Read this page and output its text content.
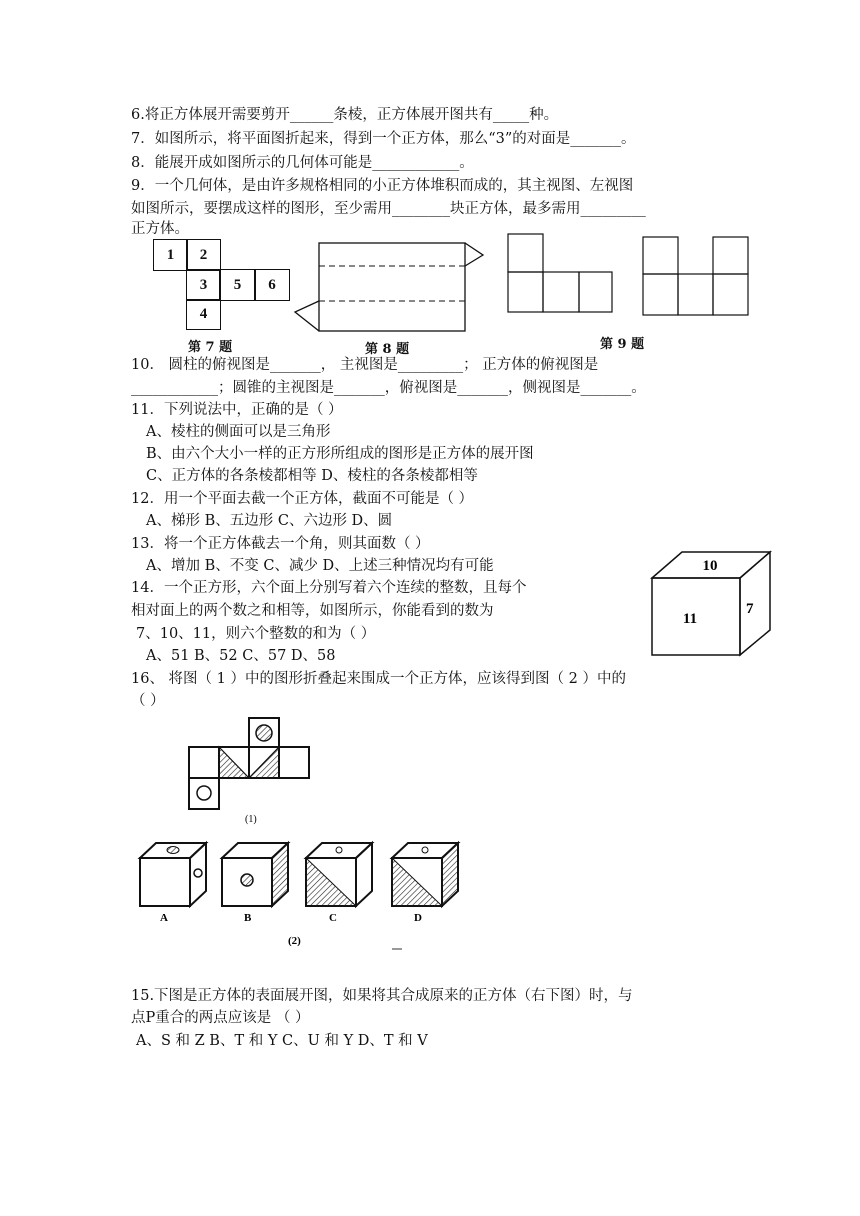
6.将正方体展开需要剪开______条棱，正方体展开图共有_____种。
7．如图所示，将平面图折起来，得到一个正方体，那么“3”的对面是_______。
8．能展开成如图所示的几何体可能是____________。
9．一个几何体，是由许多规格相同的小正方体堆积而成的，其主视图、左视图
如图所示，要摆成这样的图形，至少需用________块正方体，最多需用_________
正方体。
1	2
3	5	6
4
第 7 题	第 8 题	第 9 题
10． 圆柱的俯视图是_______， 主视图是_________； 正方体的俯视图是
____________；圆锥的主视图是_______，俯视图是_______，侧视图是_______。
11．下列说法中，正确的是（ ）
A、棱柱的侧面可以是三角形
B、由六个大小一样的正方形所组成的图形是正方体的展开图
C、正方体的各条棱都相等 D、棱柱的各条棱都相等
12．用一个平面去截一个正方体，截面不可能是（ ）
A、梯形 B、五边形 C、六边形 D、圆
13．将一个正方体截去一个角，则其面数（ ）
A、增加 B、不变 C、减少 D、上述三种情况均有可能
14．一个正方形，六个面上分别写着六个连续的整数，且每个
相对面上的两个数之和相等，如图所示，你能看到的数为
7、10、11，则六个整数的和为（ ）
A、51 B、52 C、57 D、58
10
11
7
16、 将图（ 1 ）中的图形折叠起来围成一个正方体，应该得到图（ 2 ）中的
（ ）
(1)
A	B	C	D
(2)
15.下图是正方体的表面展开图，如果将其合成原来的正方体（右下图）时，与
点P重合的两点应该是 （ ）
A、S 和 Z B、T 和 Y C、U 和 Y D、T 和 V
